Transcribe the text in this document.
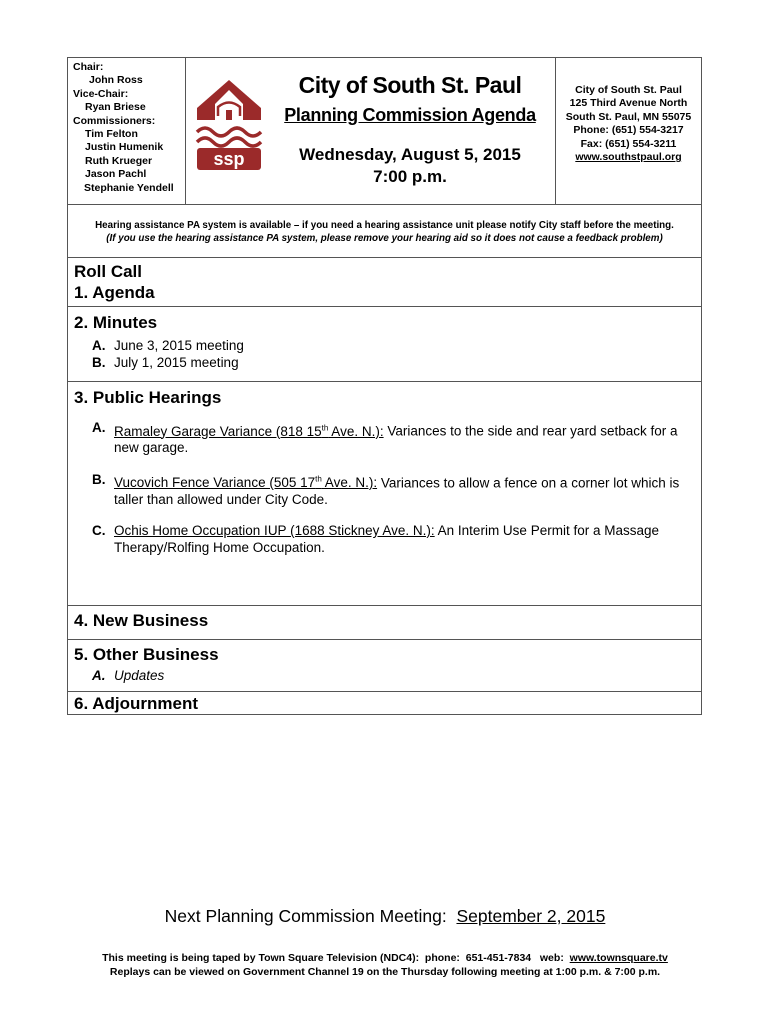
Chair:
John Ross
Vice-Chair:
Ryan Briese
Commissioners:
Tim Felton
Justin Humenik
Ruth Krueger
Jason Pachl
Stephanie Yendell
ssp
City of South St. Paul
Planning Commission Agenda
Wednesday, August 5, 2015
7:00 p.m.
City of South St. Paul
125 Third Avenue North
South St. Paul, MN 55075
Phone: (651) 554-3217
Fax: (651) 554-3211
www.southstpaul.org
Hearing assistance PA system is available – if you need a hearing assistance unit please notify City staff before the meeting.
(If you use the hearing assistance PA system, please remove your hearing aid so it does not cause a feedback problem)
Roll Call
1. Agenda
2. Minutes
A. June 3, 2015 meeting
B. July 1, 2015 meeting
3. Public Hearings
A. Ramaley Garage Variance (818 15th Ave. N.): Variances to the side and rear yard setback for a new garage.
B. Vucovich Fence Variance (505 17th Ave. N.): Variances to allow a fence on a corner lot which is taller than allowed under City Code.
C. Ochis Home Occupation IUP (1688 Stickney Ave. N.): An Interim Use Permit for a Massage Therapy/Rolfing Home Occupation.
4. New Business
5. Other Business
A. Updates
6. Adjournment
Next Planning Commission Meeting:  September 2, 2015
This meeting is being taped by Town Square Television (NDC4):  phone:  651-451-7834   web:  www.townsquare.tv
Replays can be viewed on Government Channel 19 on the Thursday following meeting at 1:00 p.m. & 7:00 p.m.
